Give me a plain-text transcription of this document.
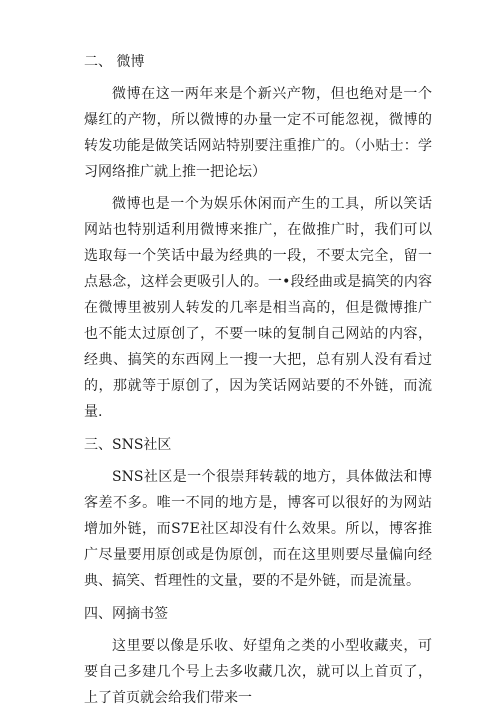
二、 微博

微博在这一两年来是个新兴产物，但也绝对是一个爆红的产物，所以微博的办量一定不可能忽视，微博的转发功能是做笑话网站特别要注重推广的。（小贴士：学习网络推广就上推一把论坛）

微博也是一个为娱乐休闲而产生的工具，所以笑话网站也特别适利用微博来推广，在做推广时，我们可以选取每一个笑话中最为经典的一段，不要太完全，留一点悬念，这样会更吸引人的。一•段经曲或是搞笑的内容在微博里被别人转发的几率是相当高的，但是微博推广也不能太过原创了，不要一味的复制自己网站的内容，经典、搞笑的东西网上一搜一大把，总有别人没有看过的，那就等于原创了，因为笑话网站要的不外链，而流量.

三、SNS社区

SNS社区是一个很崇拜转载的地方，具体做法和博客差不多。唯一不同的地方是，博客可以很好的为网站增加外链，而S7E社区却没有什么效果。所以，博客推广尽量要用原创或是伪原创，而在这里则要尽量偏向经典、搞笑、哲理性的文量，要的不是外链，而是流量。

四、网摘书签

这里要以像是乐收、好望角之类的小型收藏夹，可要自己多建几个号上去多收藏几次，就可以上首页了，上了首页就会给我们带来一
